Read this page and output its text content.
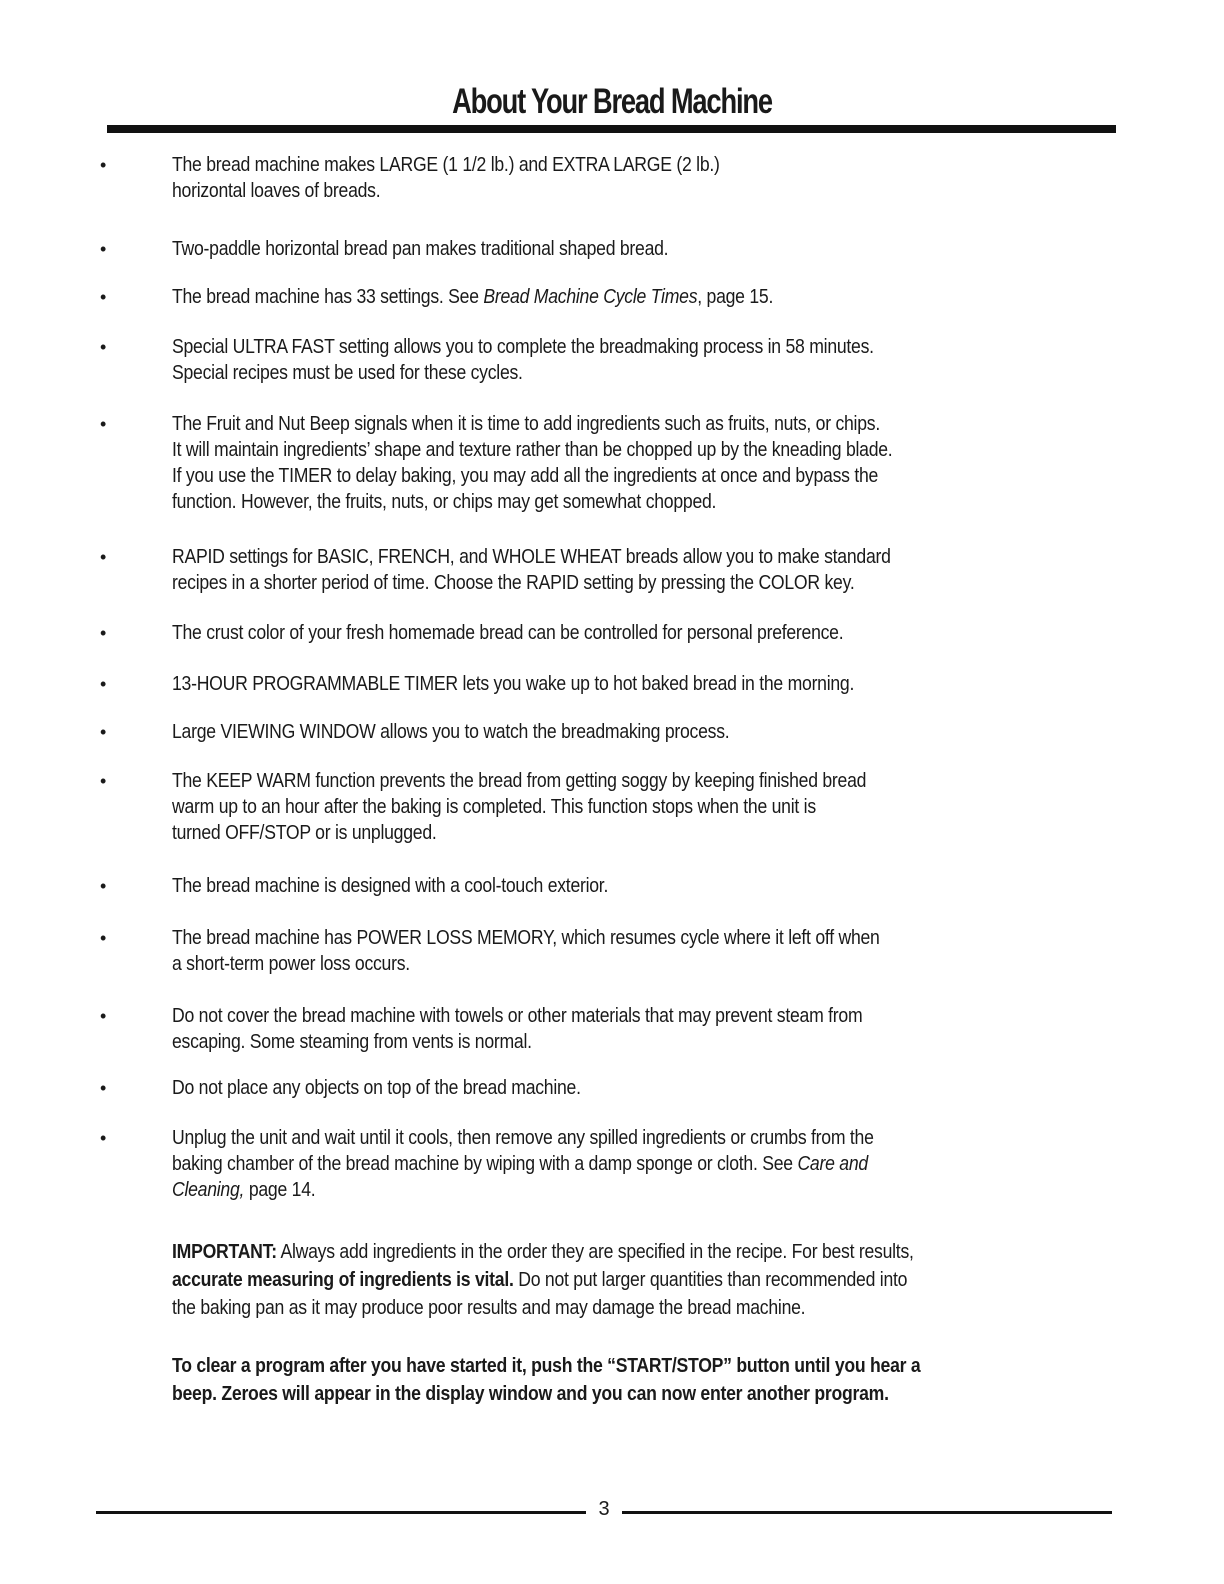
About Your Bread Machine
•	The bread machine makes LARGE (1 1/2 lb.) and EXTRA LARGE (2 lb.)
horizontal loaves of breads.
•	Two-paddle horizontal bread pan makes traditional shaped bread.
•	The bread machine has 33 settings. See Bread Machine Cycle Times, page 15.
•	Special ULTRA FAST setting allows you to complete the breadmaking process in 58 minutes.
Special recipes must be used for these cycles.
•	The Fruit and Nut Beep signals when it is time to add ingredients such as fruits, nuts, or chips.
It will maintain ingredients’ shape and texture rather than be chopped up by the kneading blade.
If you use the TIMER to delay baking, you may add all the ingredients at once and bypass the
function. However, the fruits, nuts, or chips may get somewhat chopped.
•	RAPID settings for BASIC, FRENCH, and WHOLE WHEAT breads allow you to make standard
recipes in a shorter period of time. Choose the RAPID setting by pressing the COLOR key.
•	The crust color of your fresh homemade bread can be controlled for personal preference.
•	13-HOUR PROGRAMMABLE TIMER lets you wake up to hot baked bread in the morning.
•	Large VIEWING WINDOW allows you to watch the breadmaking process.
•	The KEEP WARM function prevents the bread from getting soggy by keeping finished bread
warm up to an hour after the baking is completed. This function stops when the unit is
turned OFF/STOP or is unplugged.
•	The bread machine is designed with a cool-touch exterior.
•	The bread machine has POWER LOSS MEMORY, which resumes cycle where it left off when
a short-term power loss occurs.
•	Do not cover the bread machine with towels or other materials that may prevent steam from
escaping. Some steaming from vents is normal.
•	Do not place any objects on top of the bread machine.
•	Unplug the unit and wait until it cools, then remove any spilled ingredients or crumbs from the
baking chamber of the bread machine by wiping with a damp sponge or cloth. See Care and
Cleaning, page 14.
IMPORTANT: Always add ingredients in the order they are specified in the recipe. For best results,
accurate measuring of ingredients is vital. Do not put larger quantities than recommended into
the baking pan as it may produce poor results and may damage the bread machine.
To clear a program after you have started it, push the “START/STOP” button until you hear a
beep. Zeroes will appear in the display window and you can now enter another program.
3
